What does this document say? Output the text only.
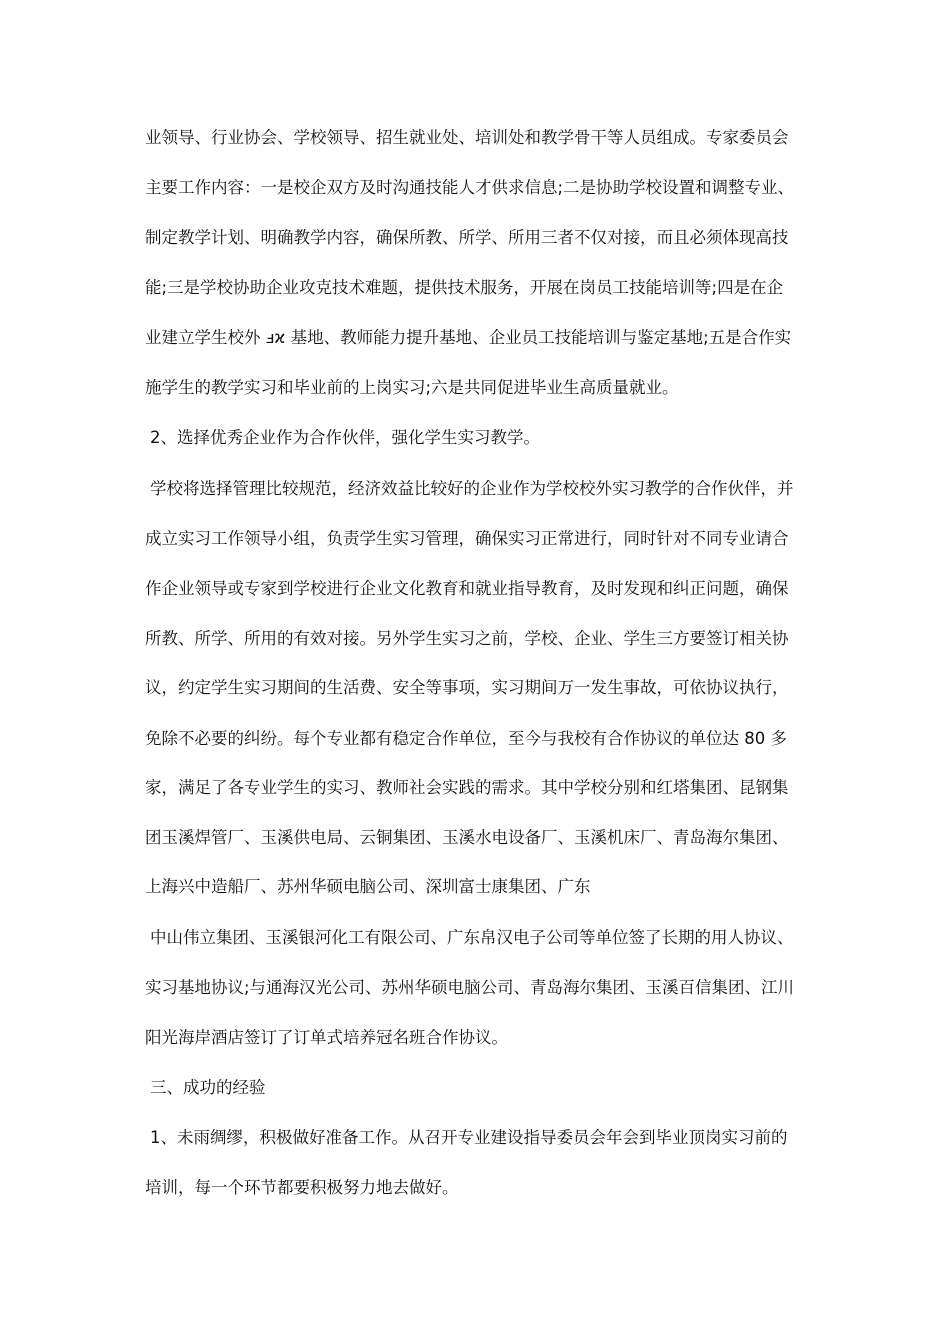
业领导、行业协会、学校领导、招生就业处、培训处和教学骨干等人员组成。专家委员会
主要工作内容：一是校企双方及时沟通技能人才供求信息;二是协助学校设置和调整专业、
制定教学计划、明确教学内容，确保所教、所学、所用三者不仅对接，而且必须体现高技
能;三是学校协助企业攻克技术难题，提供技术服务，开展在岗员工技能培训等;四是在企
业建立学生校外 ⅎϰ 基地、教师能力提升基地、企业员工技能培训与鉴定基地;五是合作实
施学生的教学实习和毕业前的上岗实习;六是共同促进毕业生高质量就业。
2、选择优秀企业作为合作伙伴，强化学生实习教学。
学校将选择管理比较规范，经济效益比较好的企业作为学校校外实习教学的合作伙伴，并
成立实习工作领导小组，负责学生实习管理，确保实习正常进行，同时针对不同专业请合
作企业领导或专家到学校进行企业文化教育和就业指导教育，及时发现和纠正问题，确保
所教、所学、所用的有效对接。另外学生实习之前，学校、企业、学生三方要签订相关协
议，约定学生实习期间的生活费、安全等事项，实习期间万一发生事故，可依协议执行，
免除不必要的纠纷。每个专业都有稳定合作单位，至今与我校有合作协议的单位达 80 多
家，满足了各专业学生的实习、教师社会实践的需求。其中学校分别和红塔集团、昆钢集
团玉溪焊管厂、玉溪供电局、云铜集团、玉溪水电设备厂、玉溪机床厂、青岛海尔集团、
上海兴中造船厂、苏州华硕电脑公司、深圳富士康集团、广东
中山伟立集团、玉溪银河化工有限公司、广东帛汉电子公司等单位签了长期的用人协议、
实习基地协议;与通海汉光公司、苏州华硕电脑公司、青岛海尔集团、玉溪百信集团、江川
阳光海岸酒店签订了订单式培养冠名班合作协议。
三、成功的经验
1、未雨绸缪，积极做好准备工作。从召开专业建设指导委员会年会到毕业顶岗实习前的
培训，每一个环节都要积极努力地去做好。
